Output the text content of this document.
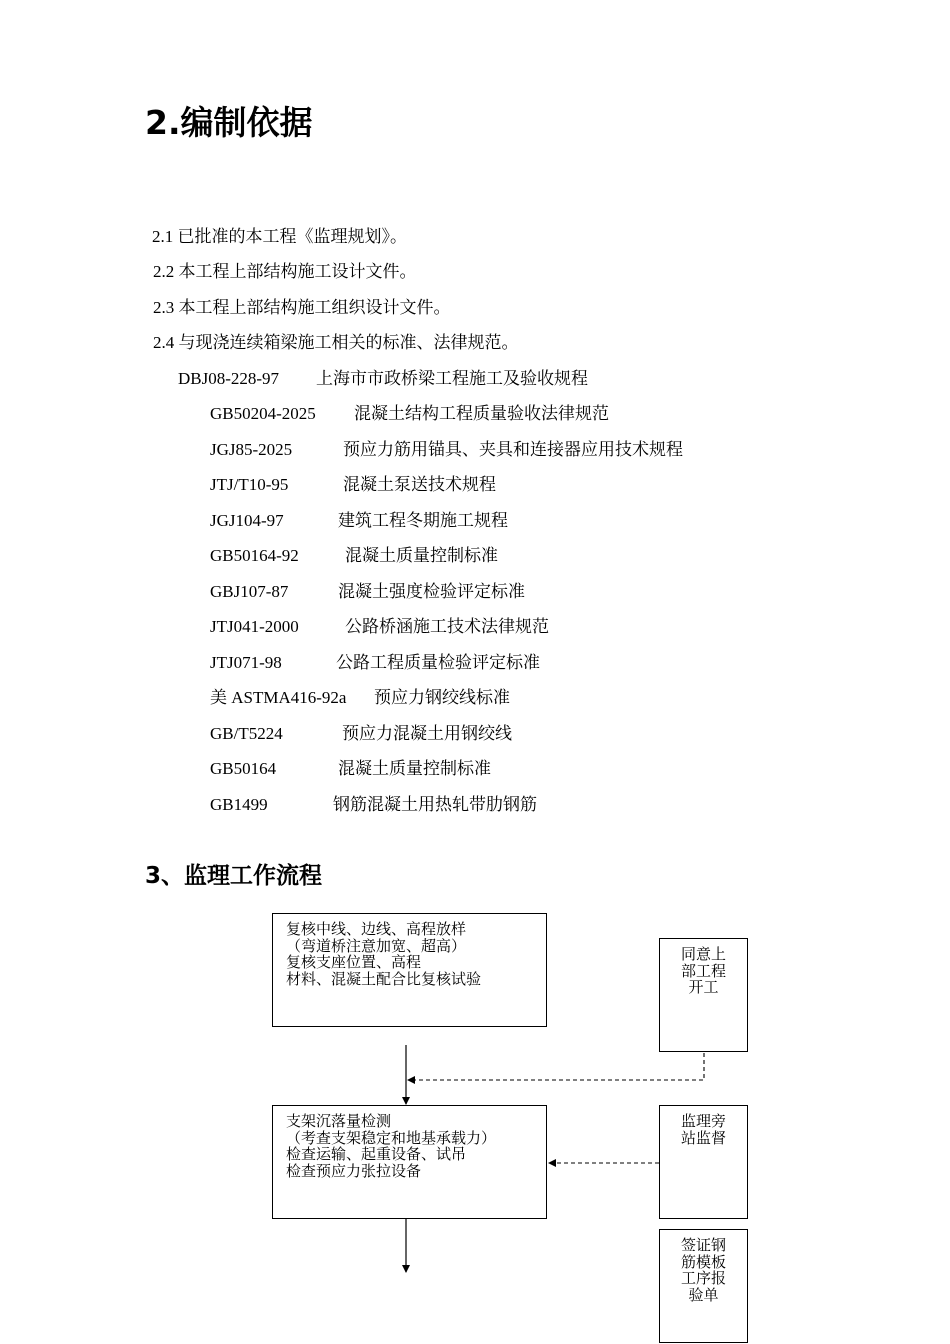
2.编制依据
2.1 已批准的本工程《监理规划》。
2.2 本工程上部结构施工设计文件。
2.3 本工程上部结构施工组织设计文件。
2.4 与现浇连续箱梁施工相关的标准、法律规范。
DBJ08-228-97 上海市市政桥梁工程施工及验收规程
GB50204-2025 混凝土结构工程质量验收法律规范
JGJ85-2025	预应力筋用锚具、夹具和连接器应用技术规程
JTJ/T10-95	混凝土泵送技术规程
JGJ104-97	建筑工程冬期施工规程
GB50164-92	混凝土质量控制标准
GBJ107-87	混凝土强度检验评定标准
JTJ041-2000	公路桥涵施工技术法律规范
JTJ071-98	公路工程质量检验评定标准
美 ASTMA416-92a 预应力钢绞线标准
GB/T5224	预应力混凝土用钢绞线
GB50164	混凝土质量控制标准
GB1499	钢筋混凝土用热轧带肋钢筋
3、监理工作流程
复核中线、边线、高程放样
（弯道桥注意加宽、超高）
复核支座位置、高程
材料、混凝土配合比复核试验
支架沉落量检测
（考查支架稳定和地基承载力）
检查运输、起重设备、试吊
检查预应力张拉设备
同意上
部工程
开工
监理旁
站监督
签证钢
筋模板
工序报
验单
